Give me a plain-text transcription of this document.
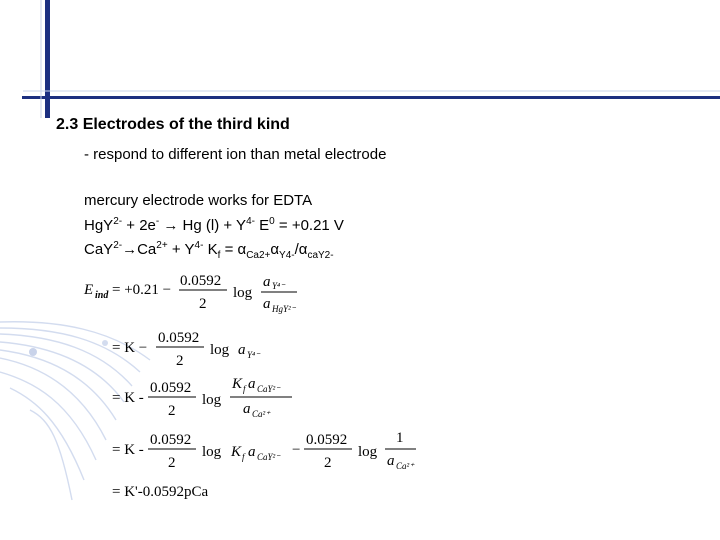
2.3 Electrodes of the third kind
- respond to different ion than metal electrode
mercury electrode works for EDTA
HgY$^{2-}$ + 2e- → Hg $(l) + Y^{4-}$ $E^0 = +0.21$ V
$CaY^{2-}\to Ca^{2+} + Y^{4-}$ $K_f = \alpha_{Ca2+}\alpha_{Y4-}/\alpha_{caY2-}$
E ind = +0.21 −
0.0592
2
log
a Y⁴⁻
a HgY²⁻
= K −
0.0592
2
log a Y⁴⁻
= K -
0.0592
2
log
K f a CaY²⁻
a Ca²⁺
= K -
0.0592
2
log K f a CaY²⁻ −
0.0592
2
log
1
a Ca²⁺
= K'-0.0592pCa
